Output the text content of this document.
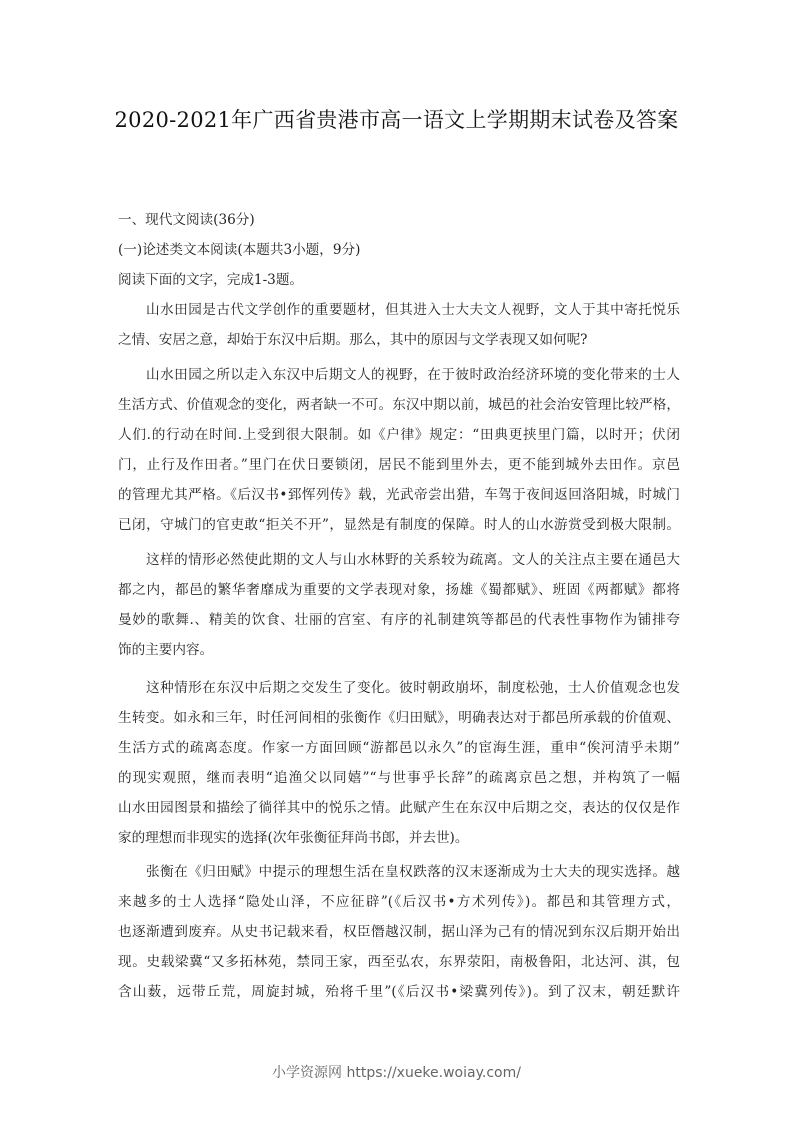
2020-2021年广西省贵港市高一语文上学期期末试卷及答案
一、现代文阅读(36分)
(一)论述类文本阅读(本题共3小题，9分)
阅读下面的文字，完成1-3题。
山水田园是古代文学创作的重要题材，但其进入士大夫文人视野，文人于其中寄托悦乐
之情、安居之意，却始于东汉中后期。那么，其中的原因与文学表现又如何呢?
山水田园之所以走入东汉中后期文人的视野，在于彼时政治经济环境的变化带来的士人
生活方式、价值观念的变化，两者缺一不可。东汉中期以前，城邑的社会治安管理比较严格，
人们.的行动在时间.上受到很大限制。如《户律》规定：“田典更挟里门篇，以时开；伏闭
门，止行及作田者。”里门在伏日要锁闭，居民不能到里外去，更不能到城外去田作。京邑
的管理尤其严格。《后汉书•郅恽列传》载，光武帝尝出猎，车驾于夜间返回洛阳城，时城门
已闭，守城门的官吏敢“拒关不开”，显然是有制度的保障。时人的山水游赏受到极大限制。
这样的情形必然使此期的文人与山水林野的关系较为疏离。文人的关注点主要在通邑大
都之内，都邑的繁华奢靡成为重要的文学表现对象，扬雄《蜀都赋》、班固《两都赋》都将
曼妙的歌舞.、精美的饮食、壮丽的宫室、有序的礼制建筑等都邑的代表性事物作为铺排夸
饰的主要内容。
这种情形在东汉中后期之交发生了变化。彼时朝政崩坏，制度松弛，士人价值观念也发
生转变。如永和三年，时任河间相的张衡作《归田赋》，明确表达对于都邑所承载的价值观、
生活方式的疏离态度。作家一方面回顾“游都邑以永久”的宦海生涯，重申“俟河清乎未期”
的现实观照，继而表明“追渔父以同嬉”“与世事乎长辞”的疏离京邑之想，并构筑了一幅
山水田园图景和描绘了徜徉其中的悦乐之情。此赋产生在东汉中后期之交，表达的仅仅是作
家的理想而非现实的选择(次年张衡征拜尚书郎，并去世)。
张衡在《归田赋》中提示的理想生活在皇权跌落的汉末逐渐成为士大夫的现实选择。越
来越多的士人选择“隐处山泽，不应征辟”(《后汉书•方术列传》)。都邑和其管理方式，
也逐渐遭到废弃。从史书记载来看，权臣僭越汉制，据山泽为己有的情况到东汉后期开始出
现。史载梁冀“又多拓林苑，禁同王家，西至弘农，东界荥阳，南极鲁阳，北达河、淇，包
含山薮，远带丘荒，周旋封城，殆将千里”(《后汉书•梁冀列传》)。到了汉末，朝廷默许
小学资源网 https://xueke.woiay.com/
